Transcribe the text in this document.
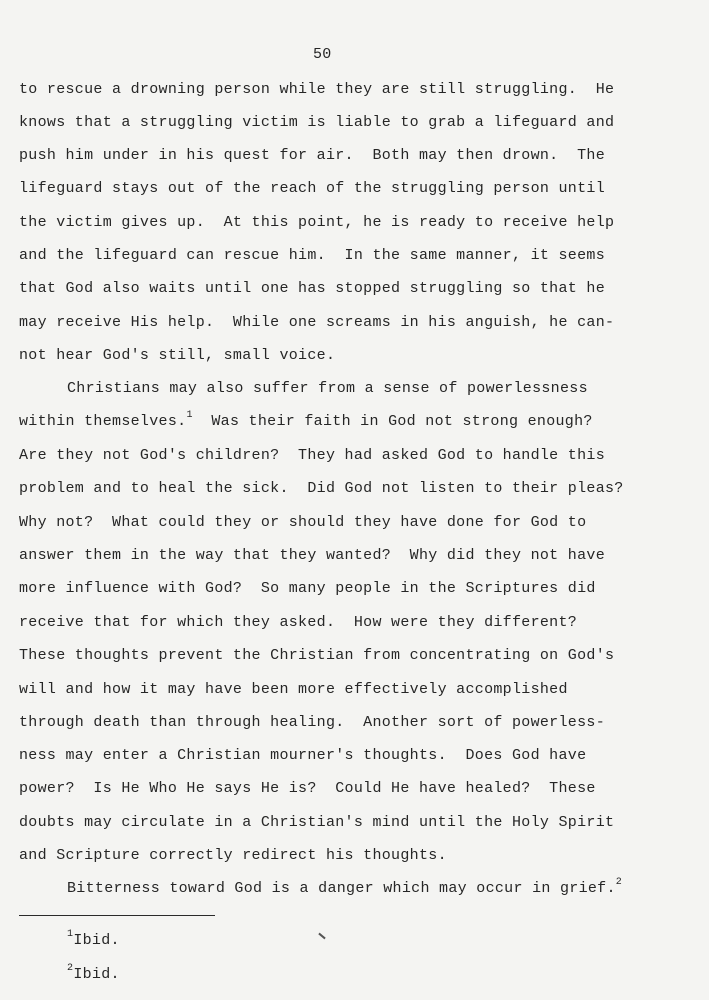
50
to rescue a drowning person while they are still struggling.  He
knows that a struggling victim is liable to grab a lifeguard and
push him under in his quest for air.  Both may then drown.  The
lifeguard stays out of the reach of the struggling person until
the victim gives up.  At this point, he is ready to receive help
and the lifeguard can rescue him.  In the same manner, it seems
that God also waits until one has stopped struggling so that he
may receive His help.  While one screams in his anguish, he can-
not hear God's still, small voice.
Christians may also suffer from a sense of powerlessness
within themselves.$^1$  Was their faith in God not strong enough?
Are they not God's children?  They had asked God to handle this
problem and to heal the sick.  Did God not listen to their pleas?
Why not?  What could they or should they have done for God to
answer them in the way that they wanted?  Why did they not have
more influence with God?  So many people in the Scriptures did
receive that for which they asked.  How were they different?
These thoughts prevent the Christian from concentrating on God's
will and how it may have been more effectively accomplished
through death than through healing.  Another sort of powerless-
ness may enter a Christian mourner's thoughts.  Does God have
power?  Is He Who He says He is?  Could He have healed?  These
doubts may circulate in a Christian's mind until the Holy Spirit
and Scripture correctly redirect his thoughts.
Bitterness toward God is a danger which may occur in grief.$^2$
$^1$Ibid.
$^2$Ibid.
